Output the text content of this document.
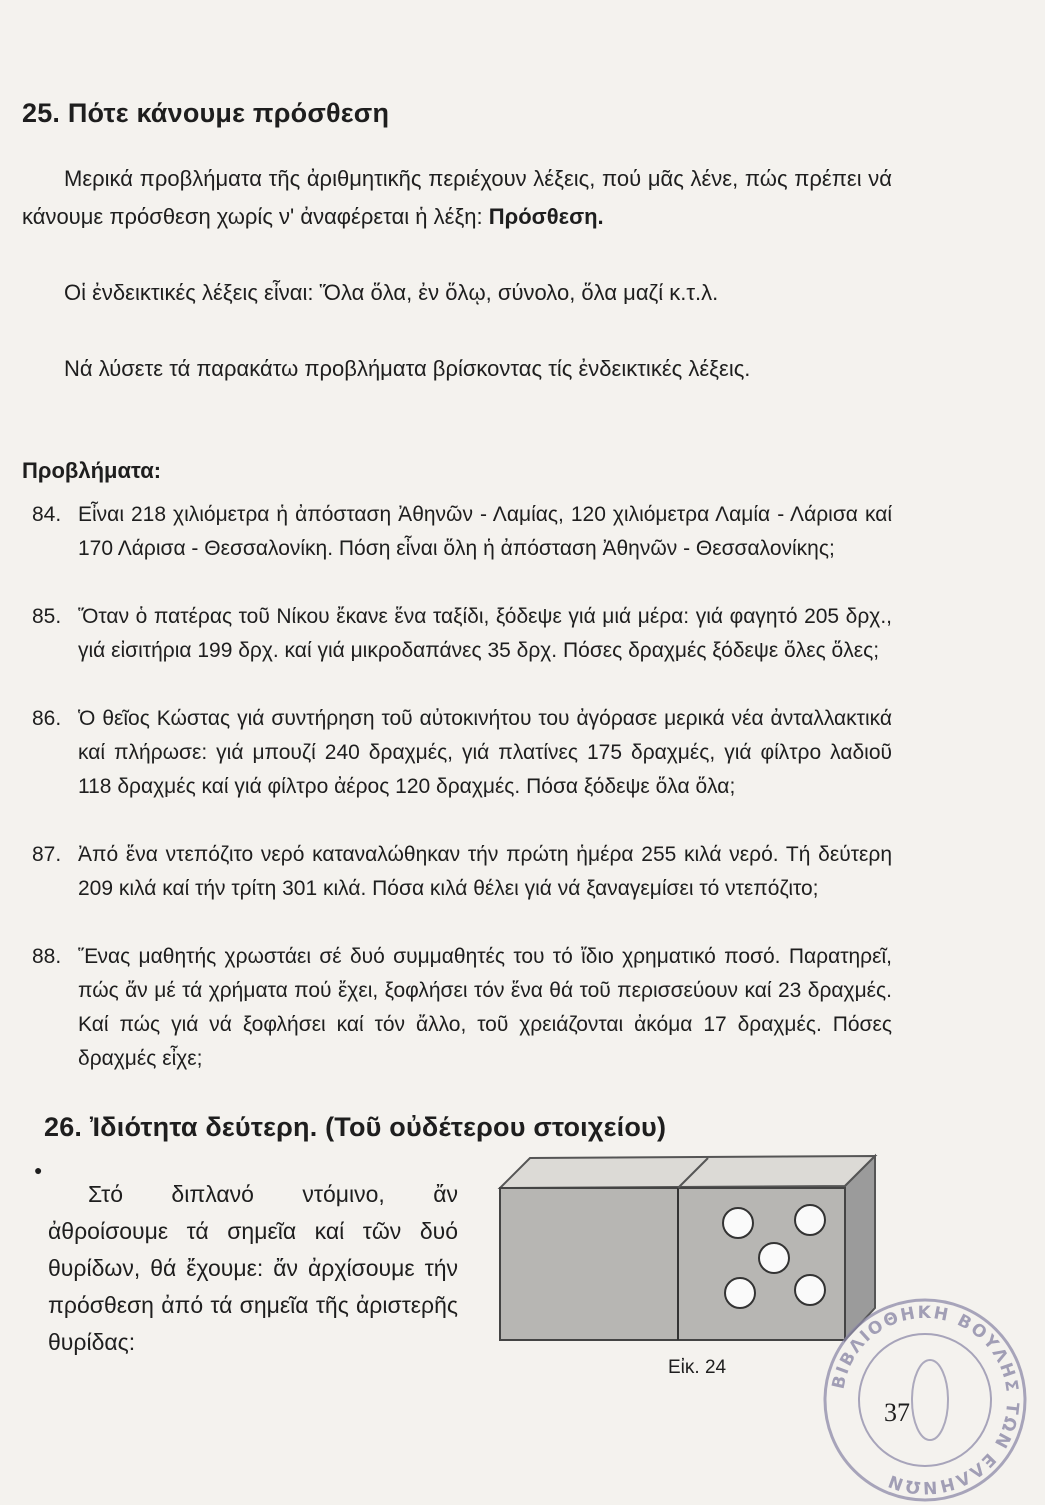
25. Πότε κάνουμε πρόσθεση

Μερικά προβλήματα τῆς ἀριθμητικῆς περιέχουν λέξεις, πού μᾶς λένε, πώς πρέπει νά κάνουμε πρόσθεση χωρίς ν' ἀναφέρεται ἡ λέξη: Πρόσθεση.

Οἱ ἐνδεικτικές λέξεις εἶναι: Ὅλα ὅλα, ἐν ὅλῳ, σύνολο, ὅλα μαζί κ.τ.λ.

Νά λύσετε τά παρακάτω προβλήματα βρίσκοντας τίς ἐνδεικτικές λέξεις.

Προβλήματα:

84. Εἶναι 218 χιλιόμετρα ἡ ἀπόσταση Ἀθηνῶν - Λαμίας, 120 χιλιόμετρα Λαμία - Λάρισα καί 170 Λάρισα - Θεσσαλονίκη. Πόση εἶναι ὅλη ἡ ἀπόσταση Ἀθηνῶν - Θεσσαλονίκης;

85. Ὅταν ὁ πατέρας τοῦ Νίκου ἔκανε ἕνα ταξίδι, ξόδεψε γιά μιά μέρα: γιά φαγητό 205 δρχ., γιά εἰσιτήρια 199 δρχ. καί γιά μικροδαπάνες 35 δρχ. Πόσες δραχμές ξόδεψε ὅλες ὅλες;

86. Ὁ θεῖος Κώστας γιά συντήρηση τοῦ αὐτοκινήτου του ἀγόρασε μερικά νέα ἀνταλλακτικά καί πλήρωσε: γιά μπουζί 240 δραχμές, γιά πλατίνες 175 δραχμές, γιά φίλτρο λαδιοῦ 118 δραχμές καί γιά φίλτρο ἀέρος 120 δραχμές. Πόσα ξόδεψε ὅλα ὅλα;

87. Ἀπό ἕνα ντεπόζιτο νερό καταναλώθηκαν τήν πρώτη ἡμέρα 255 κιλά νερό. Τή δεύτερη 209 κιλά καί τήν τρίτη 301 κιλά. Πόσα κιλά θέλει γιά νά ξαναγεμίσει τό ντεπόζιτο;

88. Ἕνας μαθητής χρωστάει σέ δυό συμμαθητές του τό ἴδιο χρηματικό ποσό. Παρατηρεῖ, πώς ἄν μέ τά χρήματα πού ἔχει, ξοφλήσει τόν ἕνα θά τοῦ περισσεύουν καί 23 δραχμές. Καί πώς γιά νά ξοφλήσει καί τόν ἄλλο, τοῦ χρειάζονται ἀκόμα 17 δραχμές. Πόσες δραχμές εἶχε;

26. Ἰδιότητα δεύτερη. (Τοῦ οὐδέτερου στοιχείου)
●

Στό διπλανό ντόμινο, ἄν ἀθροίσουμε τά σημεῖα καί τῶν δυό θυρίδων, θά ἔχουμε: ἄν ἀρχίσουμε τήν πρόσθεση ἀπό τά σημεῖα τῆς ἀριστερῆς θυρίδας:

Εἰκ. 24
ΒΙΒΛΙΟΘΗΚΗ ΒΟΥΛΗΣ ΤΩΝ ΕΛΛΗΝΩΝ
37
